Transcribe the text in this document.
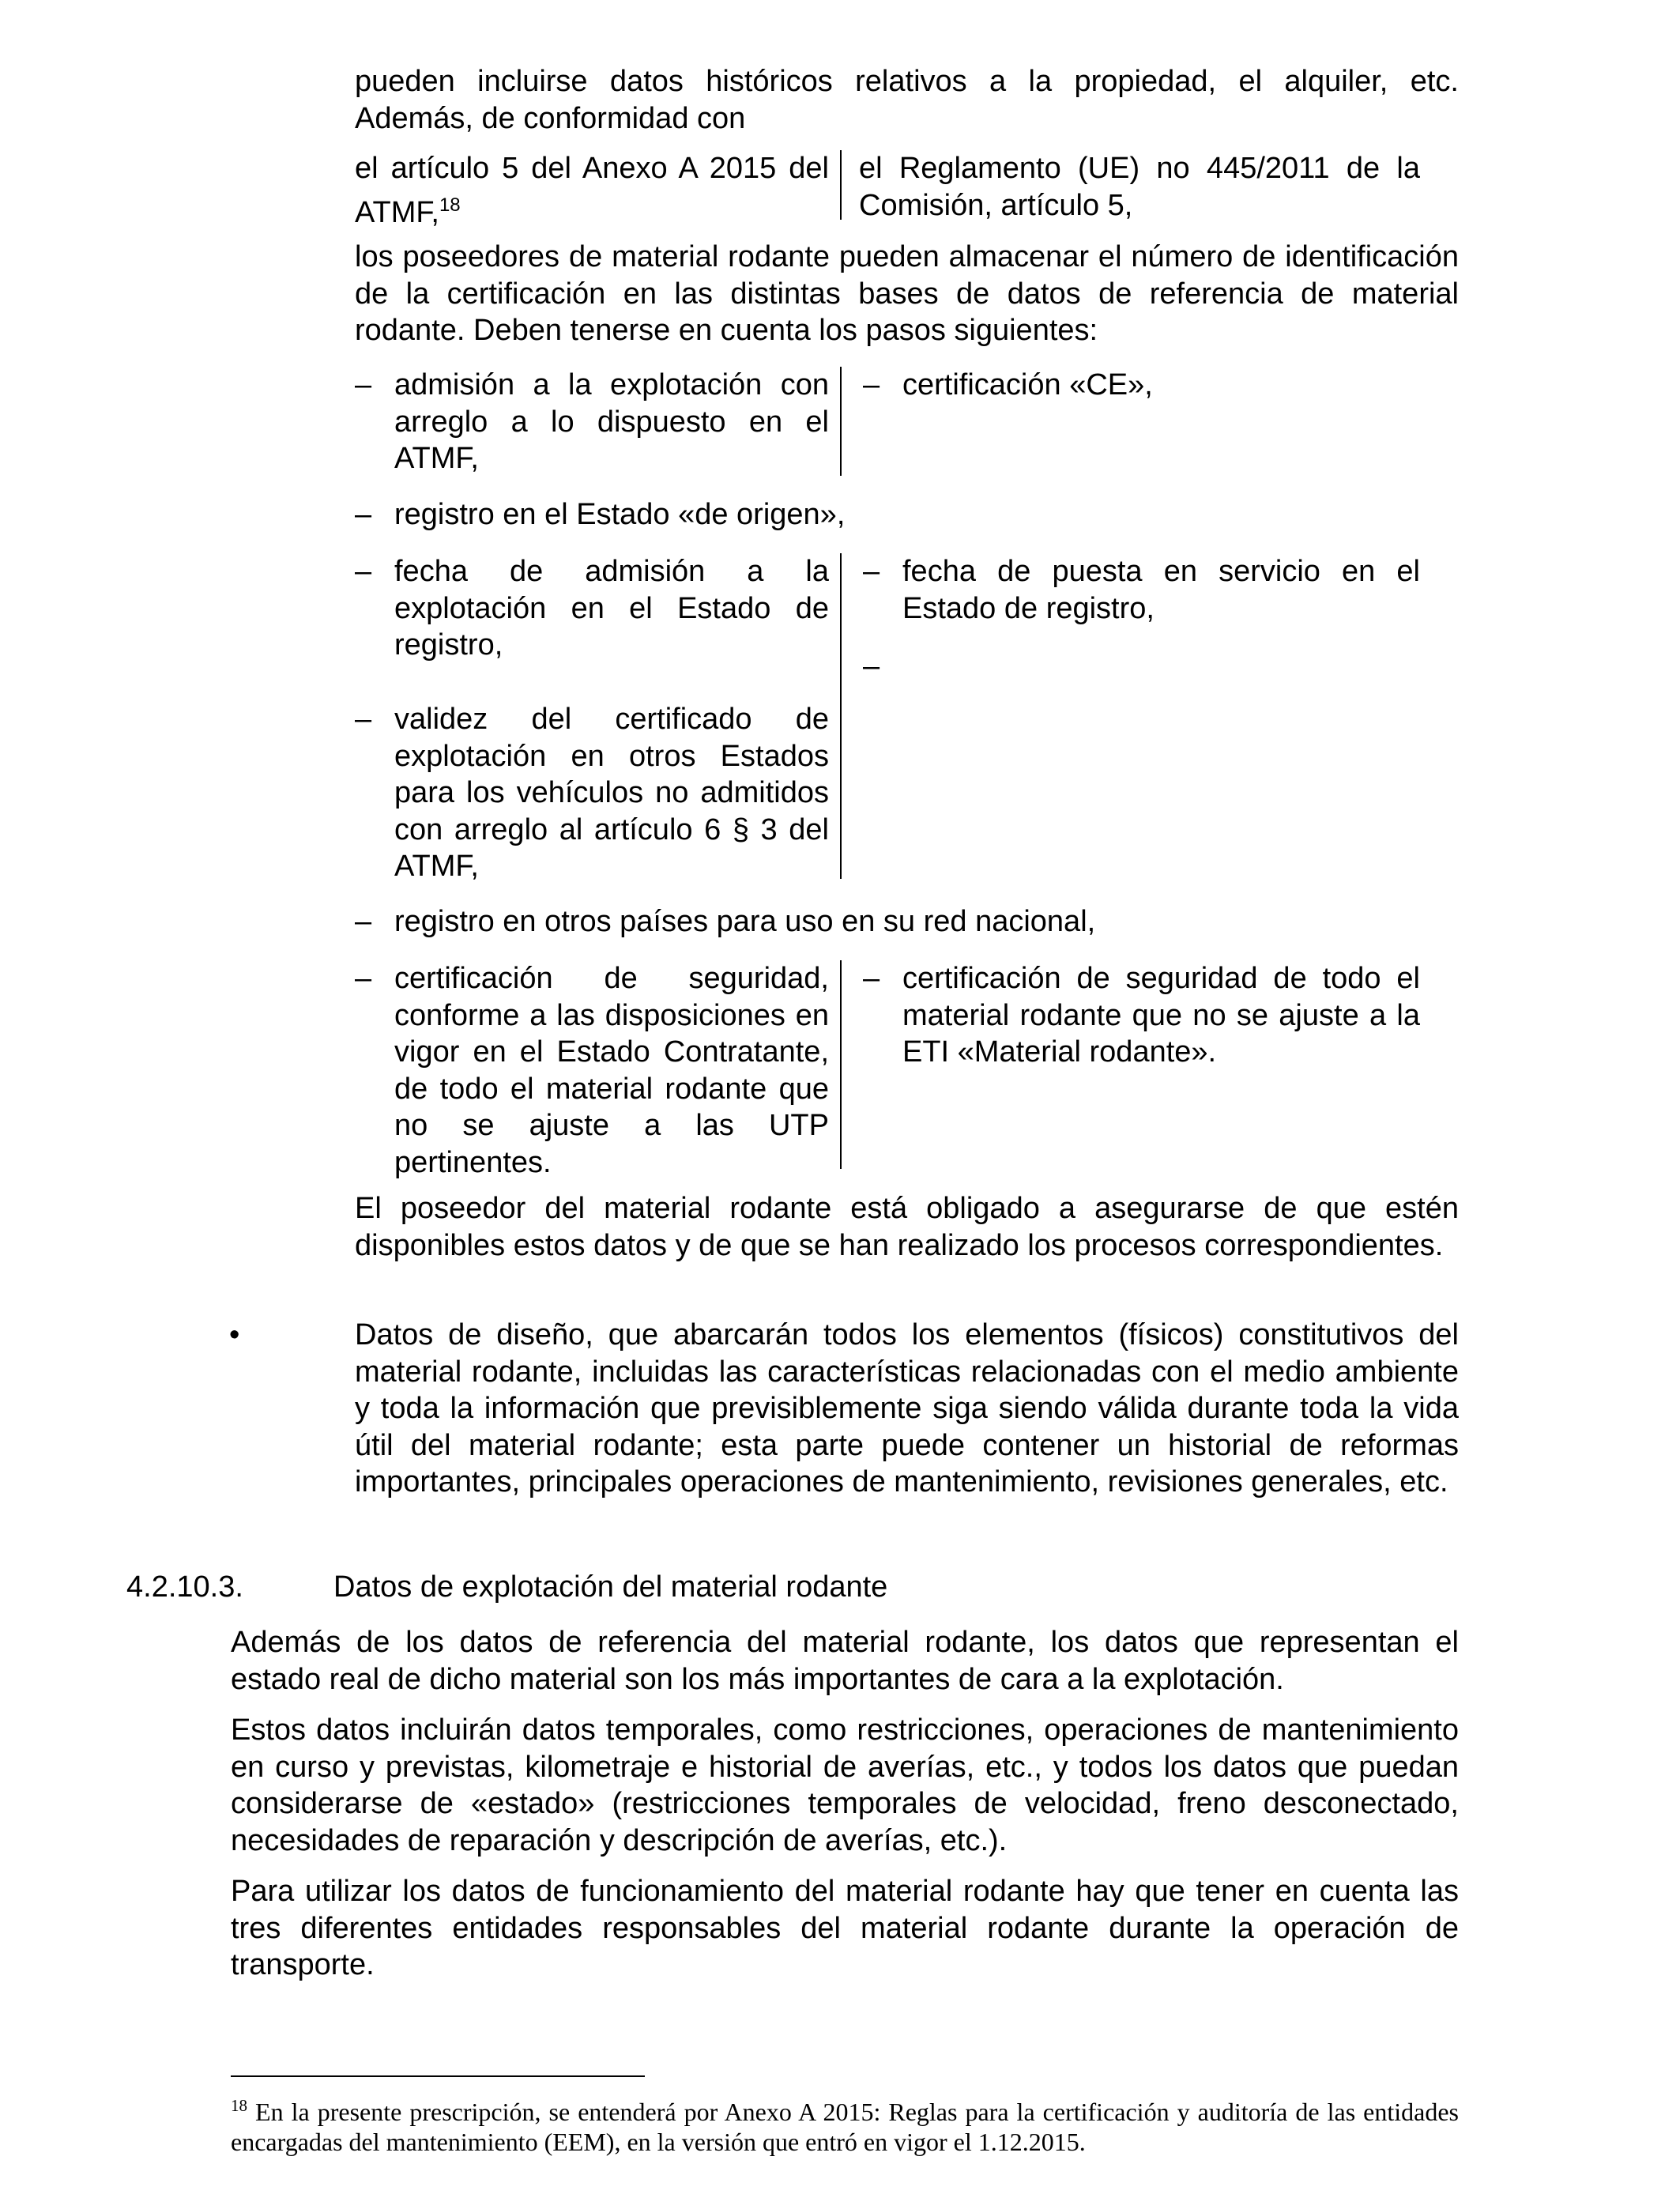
pueden incluirse datos históricos relativos a la propiedad, el alquiler, etc.
Además, de conformidad con
el artículo 5 del Anexo A 2015 del
ATMF,$^{18}$
el Reglamento (UE) no 445/2011 de la
Comisión, artículo 5,
los poseedores de material rodante pueden almacenar el número de identificación de la certificación en las distintas bases de datos de referencia de material rodante. Deben tenerse en cuenta los pasos siguientes:
– admisión a la explotación con arreglo a lo dispuesto en el ATMF,
– certificación «CE»,
– registro en el Estado «de origen»,
– fecha de admisión a la explotación en el Estado de registro,
– fecha de puesta en servicio en el Estado de registro,
–
– validez del certificado de explotación en otros Estados para los vehículos no admitidos con arreglo al artículo 6 § 3 del ATMF,
– registro en otros países para uso en su red nacional,
– certificación de seguridad, conforme a las disposiciones en vigor en el Estado Contratante, de todo el material rodante que no se ajuste a las UTP pertinentes.
– certificación de seguridad de todo el material rodante que no se ajuste a la ETI «Material rodante».
El poseedor del material rodante está obligado a asegurarse de que estén disponibles estos datos y de que se han realizado los procesos correspondientes.
•	Datos de diseño, que abarcarán todos los elementos (físicos) constitutivos del material rodante, incluidas las características relacionadas con el medio ambiente y toda la información que previsiblemente siga siendo válida durante toda la vida útil del material rodante; esta parte puede contener un historial de reformas importantes, principales operaciones de mantenimiento, revisiones generales, etc.
4.2.10.3.	Datos de explotación del material rodante
Además de los datos de referencia del material rodante, los datos que representan el estado real de dicho material son los más importantes de cara a la explotación.
Estos datos incluirán datos temporales, como restricciones, operaciones de mantenimiento en curso y previstas, kilometraje e historial de averías, etc., y todos los datos que puedan considerarse de «estado» (restricciones temporales de velocidad, freno desconectado, necesidades de reparación y descripción de averías, etc.).
Para utilizar los datos de funcionamiento del material rodante hay que tener en cuenta las tres diferentes entidades responsables del material rodante durante la operación de transporte.
$^{18}$ En la presente prescripción, se entenderá por Anexo A 2015: Reglas para la certificación y auditoría de las entidades encargadas del mantenimiento (EEM), en la versión que entró en vigor el 1.12.2015.
